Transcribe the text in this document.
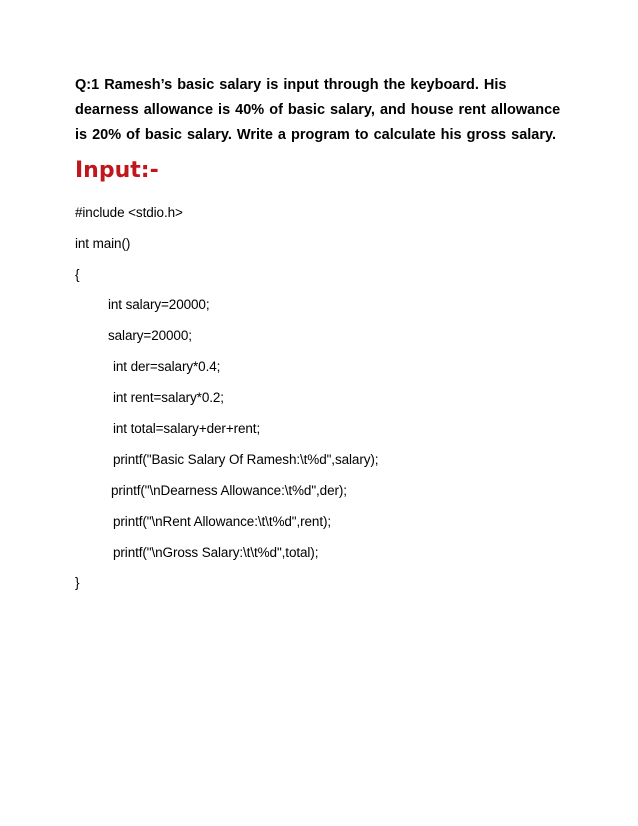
Q:1 Ramesh’s basic salary is input through the keyboard. His dearness allowance is 40% of basic salary, and house rent allowance is 20% of basic salary. Write a program to calculate his gross salary.

Input:-

#include <stdio.h>

int main()

{

int salary=20000;

salary=20000;

int der=salary*0.4;

int rent=salary*0.2;

int total=salary+der+rent;

printf("Basic Salary Of Ramesh:\t%d",salary);

printf("\nDearness Allowance:\t%d",der);

printf("\nRent Allowance:\t\t%d",rent);

printf("\nGross Salary:\t\t%d",total);

}
